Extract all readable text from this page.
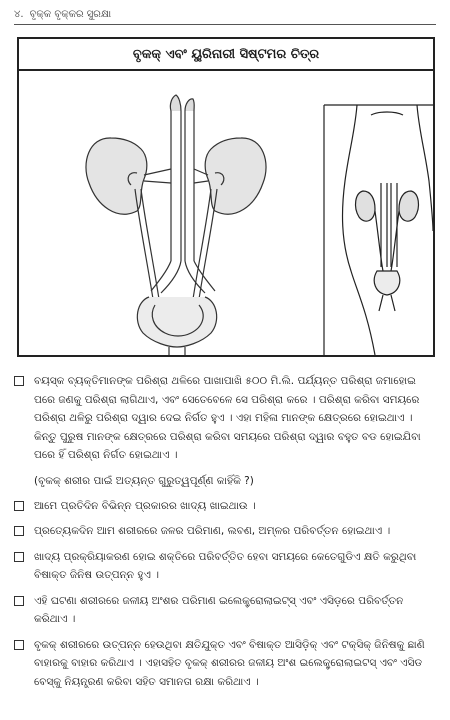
୪. ବୃକ୍କ ବୃକ୍କର ସୁରକ୍ଷା
ବୃକକ୍ ଏବଂ ୟୁରିନାରୀ ସିଷ୍ଟମର ଚିତ୍ର
ବୟସ୍କ ବ୍ୟକ୍ତିମାନଙ୍କ ପରିଶ୍ରା ଥଳିରେ ପାଖାପାଖି ୫୦୦ ମି.ଲି. ପର୍ଯ୍ୟନ୍ତ ପରିଶ୍ରା ଜମାହୋଇ ପରେ ଜଣକୁ ପରିଶ୍ରା ଲାଗିଥାଏ, ଏବଂ ସେତେବେଳେ ସେ ପରିଶ୍ରା କରେ । ପରିଶ୍ରା କରିବା ସମୟରେ ପରିଶ୍ରା ଥଳିରୁ ପରିଶ୍ରା ଦ୍ୱାର ଦେଇ ନିର୍ଗତ ହୁଏ । ଏହା ମହିଳା ମାନଙ୍କ କ୍ଷେତ୍ରରେ ହୋଇଥାଏ । କିନ୍ତୁ ପୁରୁଷ ମାନଙ୍କ କ୍ଷେତ୍ରରେ ପରିଶ୍ରା କରିବା ସମୟରେ ପରିଶ୍ରା ଦ୍ୱାର ବହୁତ ବଡ ହୋଇଯିବା ପରେ ହିଁ ପରିଶ୍ରା ନିର୍ଗତ ହୋଇଥାଏ ।
(ବୃକକ୍ ଶରୀର ପାଇଁ ଅତ୍ୟନ୍ତ ଗୁରୁତ୍ୱପୂର୍ଣ୍ଣ କାହିଁକି ?)
ଆମେ ପ୍ରତିଦିନ ବିଭିନ୍ନ ପ୍ରକାରର ଖାଦ୍ୟ ଖାଇଥାଉ ।
ପ୍ରତ୍ୟେକଦିନ ଆମ ଶରୀରରେ ଜଳର ପରିମାଣ, ଲବଣ, ଅମ୍ଳର ପରିବର୍ତ୍ତନ ହୋଇଥାଏ ।
ଖାଦ୍ୟ ପ୍ରକ୍ରିୟାକରଣ ହୋଇ ଶକ୍ତିରେ ପରିବର୍ତ୍ତିତ ହେବା ସମୟରେ କେତେଗୁଡିଏ କ୍ଷତି କରୁଥିବା ବିଷାକ୍ତ ଜିନିଷ ଉତ୍ପନ୍ନ ହୁଏ ।
ଏହି ଘଟଣା ଶରୀରରେ ଜଳୀୟ ଅଂଶର ପରିମାଣ ଇଲେକ୍ଟ୍ରୋଲାଇଟ୍ସ୍ ଏବଂ ଏସିଡ଼ରେ ପରିବର୍ତ୍ତନ କରିଥାଏ ।
ବୃକକ୍ ଶରୀରରେ ଉତ୍ପନ୍ନ ହେଉଥିବା କ୍ଷତିଯୁକ୍ତ ଏବଂ ବିଷାକ୍ତ ଆସିଡ଼ିକ୍ ଏବଂ ଟକ୍ସିକ୍ ଜିନିଷକୁ ଛାଣି ବାହାରକୁ ବାହାର କରିଥାଏ । ଏହାସହିତ ବୃକକ୍ ଶରୀରର ଜଳୀୟ ଅଂଶ ଇଲେକ୍ଟ୍ରୋଲାଇଟସ୍ ଏବଂ ଏସିଡ ବେସ୍‌କୁ ନିୟନ୍ତ୍ରଣ କରିବା ସହିତ ସମାନତା ରକ୍ଷା କରିଥାଏ ।
